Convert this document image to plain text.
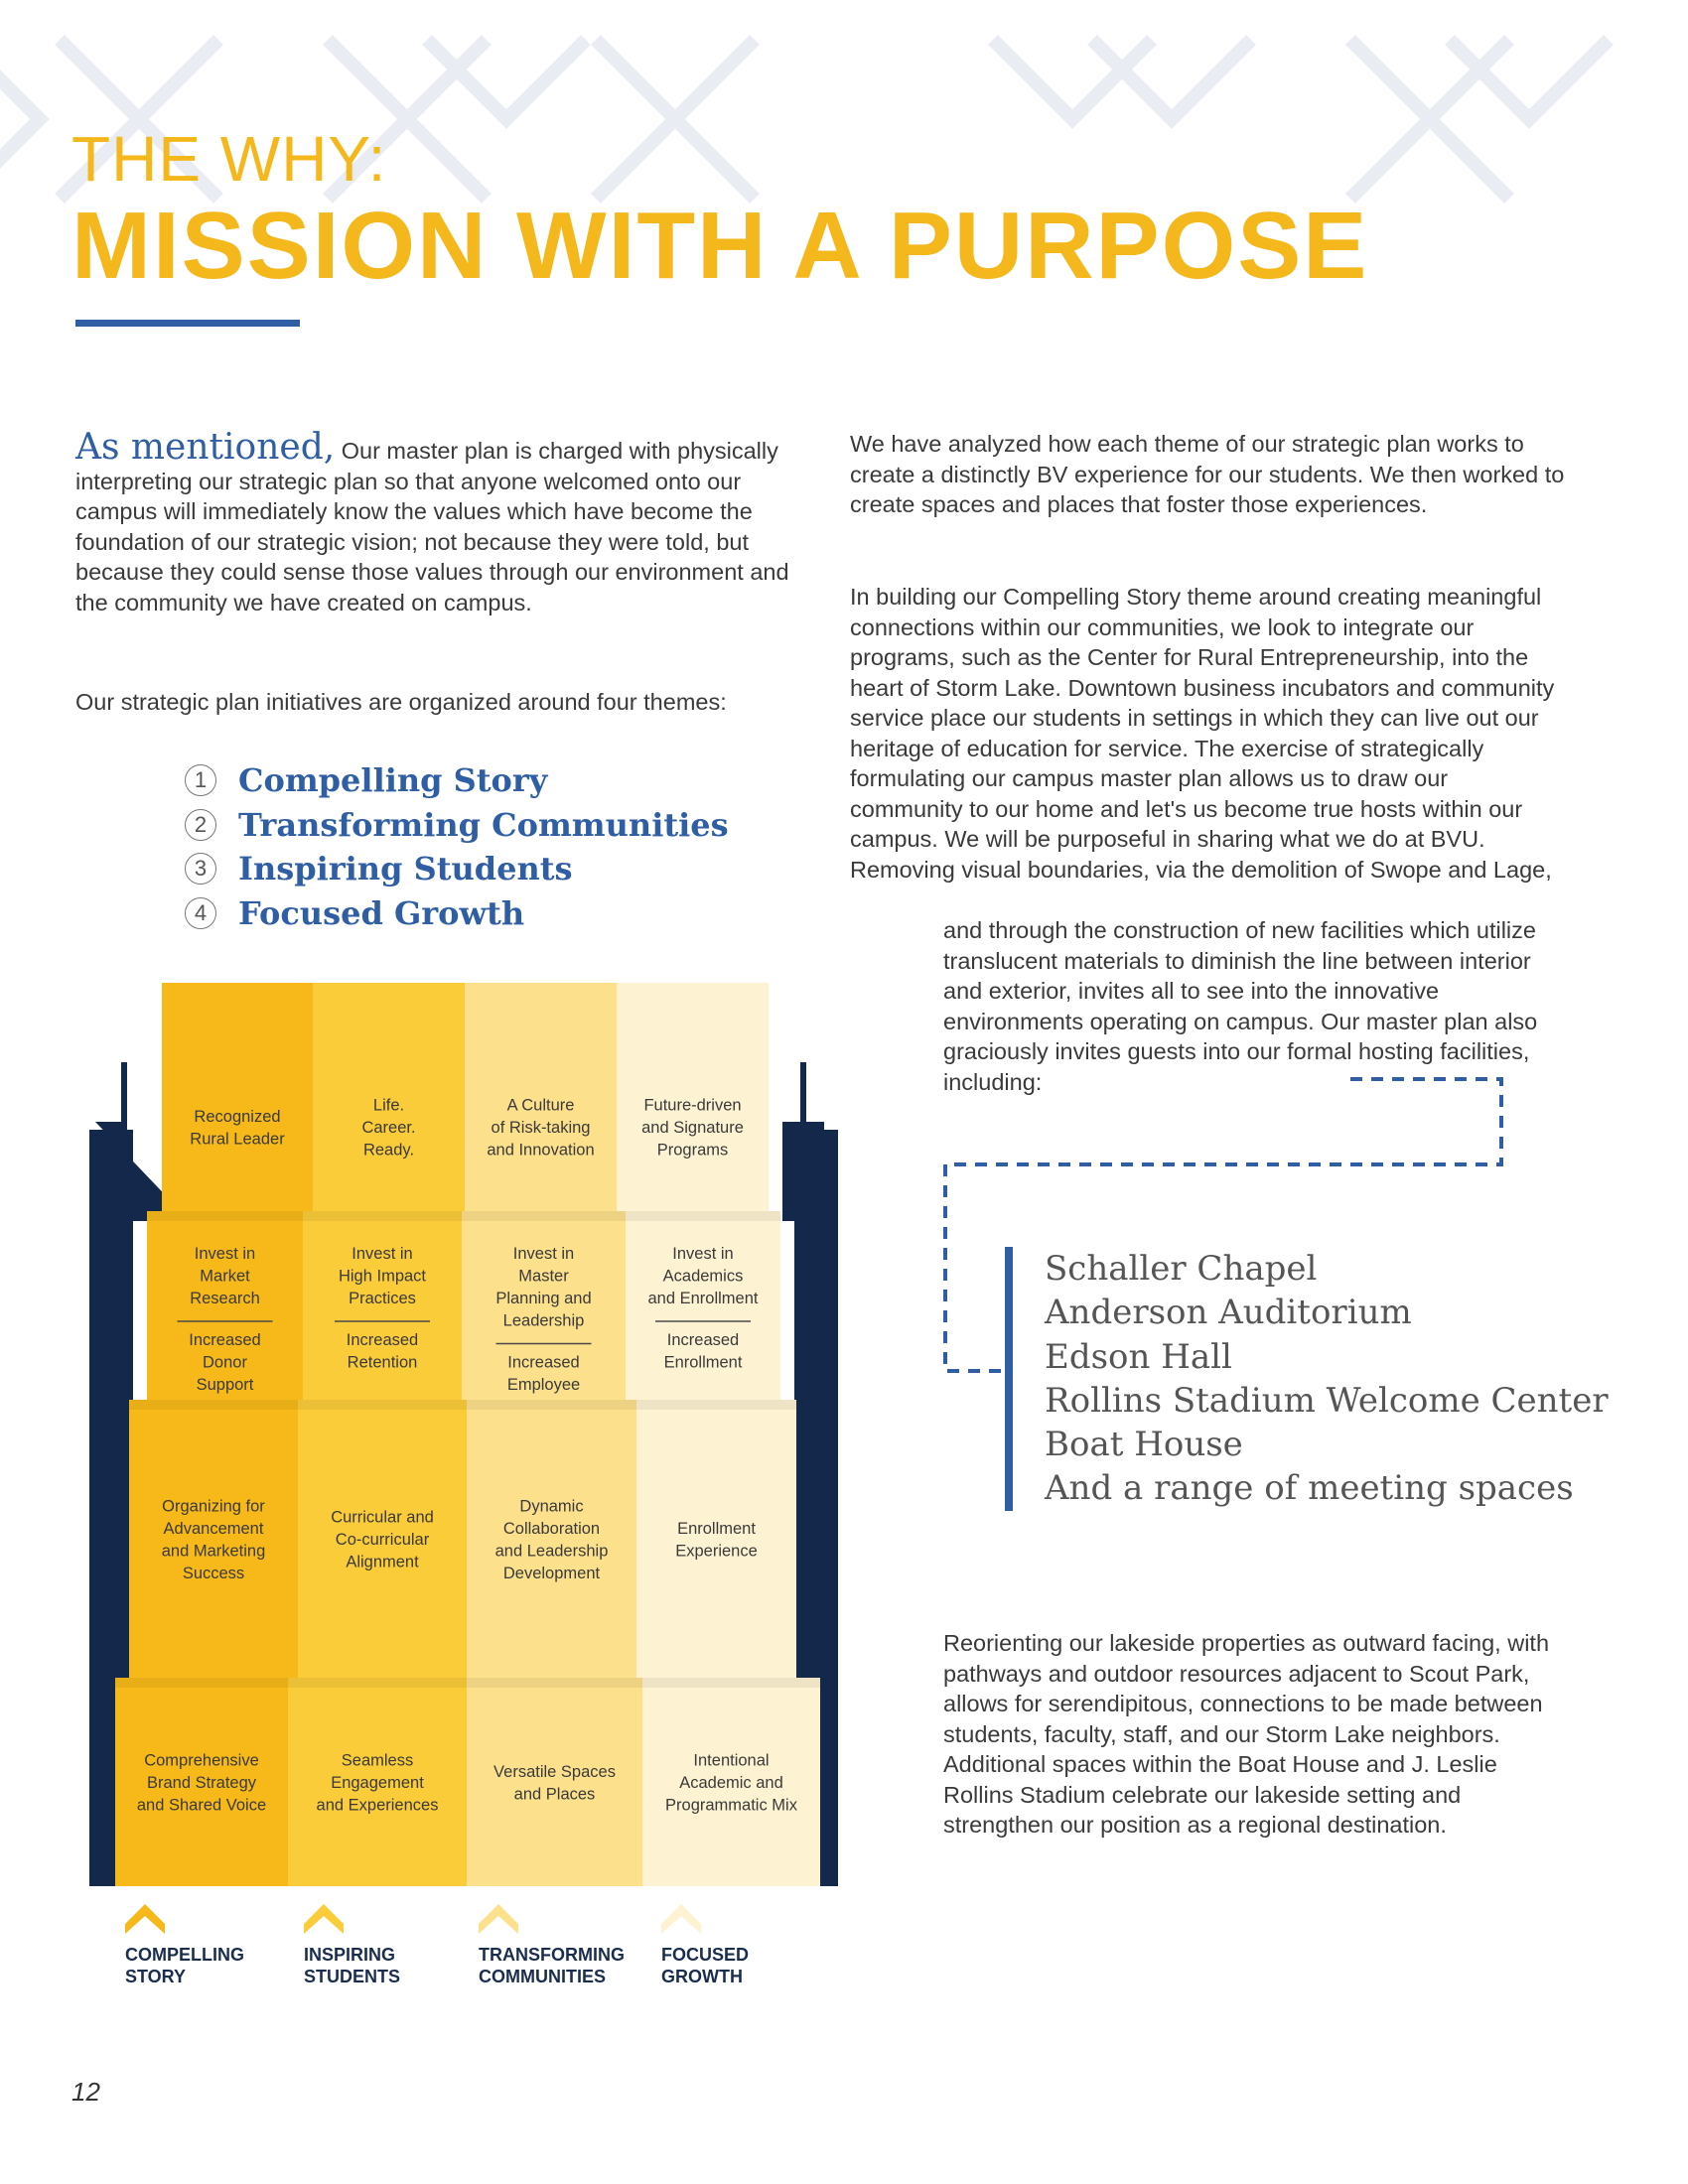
THE WHY:
MISSION WITH A PURPOSE

As mentioned, Our master plan is charged with physically interpreting our strategic plan so that anyone welcomed onto our campus will immediately know the values which have become the foundation of our strategic vision; not because they were told, but because they could sense those values through our environment and the community we have created on campus.

Our strategic plan initiatives are organized around four themes:

1 Compelling Story
2 Transforming Communities
3 Inspiring Students
4 Focused Growth

We have analyzed how each theme of our strategic plan works to create a distinctly BV experience for our students. We then worked to create spaces and places that foster those experiences.

In building our Compelling Story theme around creating meaningful connections within our communities, we look to integrate our programs, such as the Center for Rural Entrepreneurship, into the heart of Storm Lake. Downtown business incubators and community service place our students in settings in which they can live out our heritage of education for service. The exercise of strategically formulating our campus master plan allows us to draw our community to our home and let's us become true hosts within our campus. We will be purposeful in sharing what we do at BVU. Removing visual boundaries, via the demolition of Swope and Lage,

and through the construction of new facilities which utilize translucent materials to diminish the line between interior and exterior, invites all to see into the innovative environments operating on campus. Our master plan also graciously invites guests into our formal hosting facilities, including:

Schaller Chapel
Anderson Auditorium
Edson Hall
Rollins Stadium Welcome Center
Boat House
And a range of meeting spaces

Reorienting our lakeside properties as outward facing, with pathways and outdoor resources adjacent to Scout Park, allows for serendipitous, connections to be made between students, faculty, staff, and our Storm Lake neighbors. Additional spaces within the Boat House and J. Leslie Rollins Stadium celebrate our lakeside setting and strengthen our position as a regional destination.

Recognized Rural Leader
Life. Career. Ready.
A Culture of Risk-taking and Innovation
Future-driven and Signature Programs
Invest in Market Research
Increased Donor Support
Invest in High Impact Practices
Increased Retention
Invest in Master Planning and Leadership
Increased Employee
Invest in Academics and Enrollment
Increased Enrollment
Organizing for Advancement and Marketing Success
Curricular and Co-curricular Alignment
Dynamic Collaboration and Leadership Development
Enrollment Experience
Comprehensive Brand Strategy and Shared Voice
Seamless Engagement and Experiences
Versatile Spaces and Places
Intentional Academic and Programmatic Mix
COMPELLING STORY
INSPIRING STUDENTS
TRANSFORMING COMMUNITIES
FOCUSED GROWTH
12
